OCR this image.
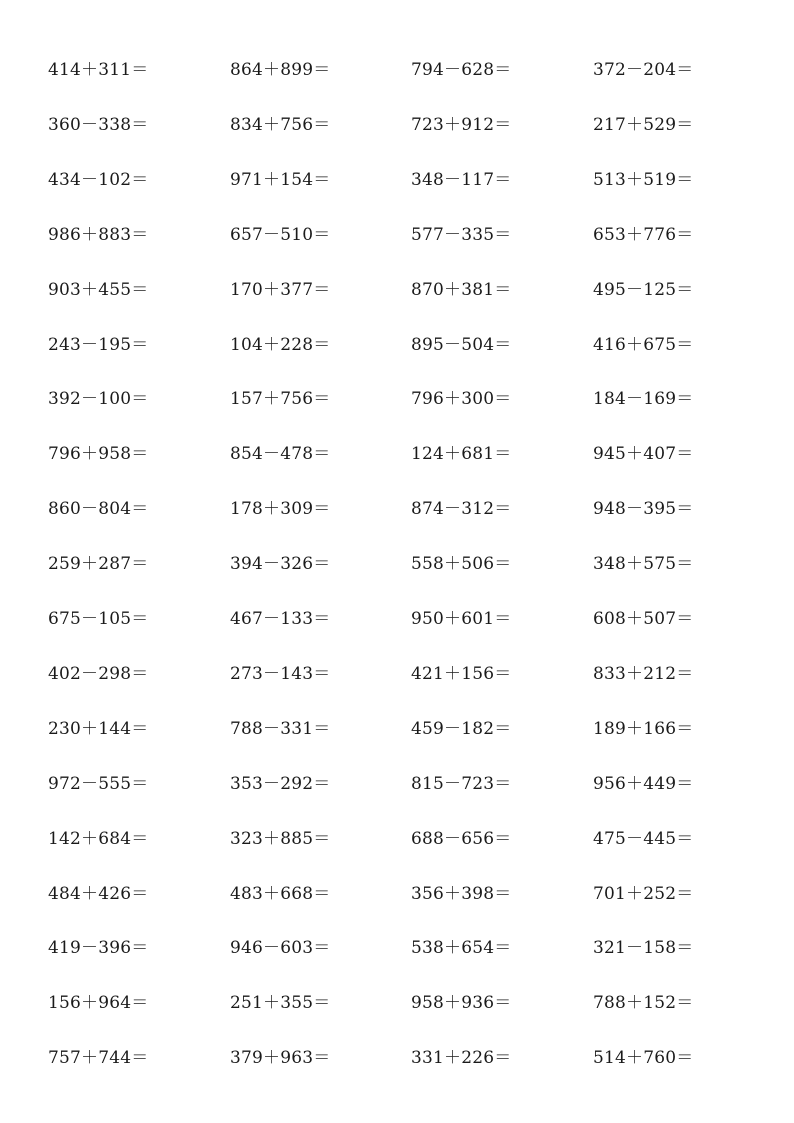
414＋311＝	864＋899＝	794－628＝	372－204＝
360－338＝	834＋756＝	723＋912＝	217＋529＝
434－102＝	971＋154＝	348－117＝	513＋519＝
986＋883＝	657－510＝	577－335＝	653＋776＝
903＋455＝	170＋377＝	870＋381＝	495－125＝
243－195＝	104＋228＝	895－504＝	416＋675＝
392－100＝	157＋756＝	796＋300＝	184－169＝
796＋958＝	854－478＝	124＋681＝	945＋407＝
860－804＝	178＋309＝	874－312＝	948－395＝
259＋287＝	394－326＝	558＋506＝	348＋575＝
675－105＝	467－133＝	950＋601＝	608＋507＝
402－298＝	273－143＝	421＋156＝	833＋212＝
230＋144＝	788－331＝	459－182＝	189＋166＝
972－555＝	353－292＝	815－723＝	956＋449＝
142＋684＝	323＋885＝	688－656＝	475－445＝
484＋426＝	483＋668＝	356＋398＝	701＋252＝
419－396＝	946－603＝	538＋654＝	321－158＝
156＋964＝	251＋355＝	958＋936＝	788＋152＝
757＋744＝	379＋963＝	331＋226＝	514＋760＝
